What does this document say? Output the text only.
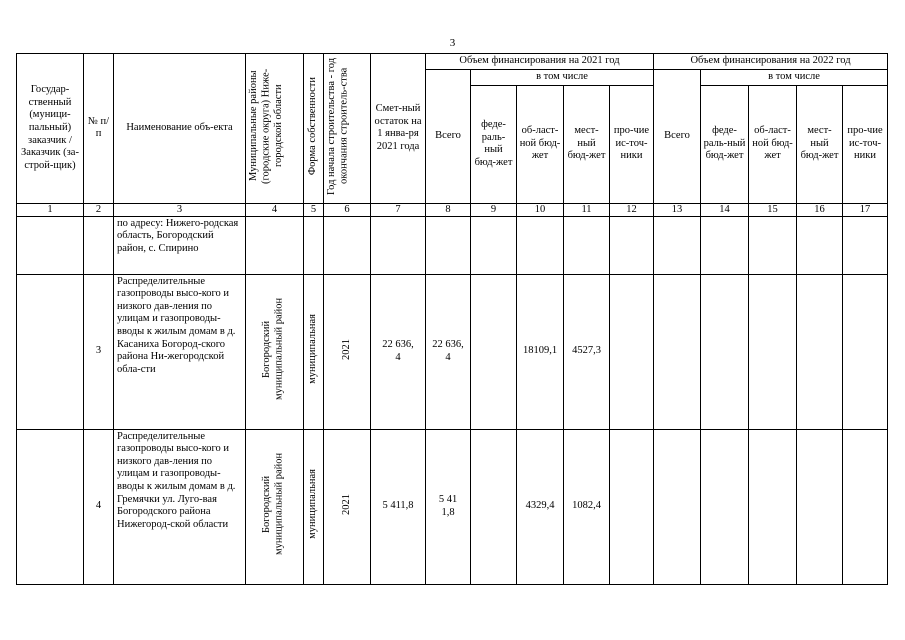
3
Государ-ственный (муници-пальный) заказчик / Заказчик (за-строй-щик)	№ п/п	Наименование объ-екта	Муниципальные районы (городские округа) Ниже-городской области	Форма собственности	Год начала строительства - год окончания строитель-ства	Смет-ный остаток на 1 янва-ря 2021 года	Объем финансирования на 2021 год					Объем финансирования на 2022 год				
							Всего	в том числе				Всего	в том числе			
								феде-раль-ный бюд-жет	об-ласт-ной бюд-жет	мест-ный бюд-жет	про-чие ис-точ-ники		феде-раль-ный бюд-жет	об-ласт-ной бюд-жет	мест-ный бюд-жет	про-чие ис-точ-ники
1	2	3	4	5	6	7	8	9	10	11	12	13	14	15	16	17
		по адресу: Нижего-родская область, Богородский район, с. Спирино														
	3	Распределительные газопроводы высо-кого и низкого дав-ления по улицам и газопроводы-вводы к жилым домам в д. Касаниха Богород-ского района Ни-жегородской обла-сти	Богородский муниципальный район	муниципальная	2021	22 636,4	22 636,4		18109,1	4527,3						

	4	Распределительные газопроводы высо-кого и низкого дав-ления по улицам и газопроводы-вводы к жилым домам в д. Гремячки ул. Луго-вая Богородского района Нижегород-ской области	Богородский муниципальный район	муниципальная	2021	5 411,8	5 411,8		4329,4	1082,4						
